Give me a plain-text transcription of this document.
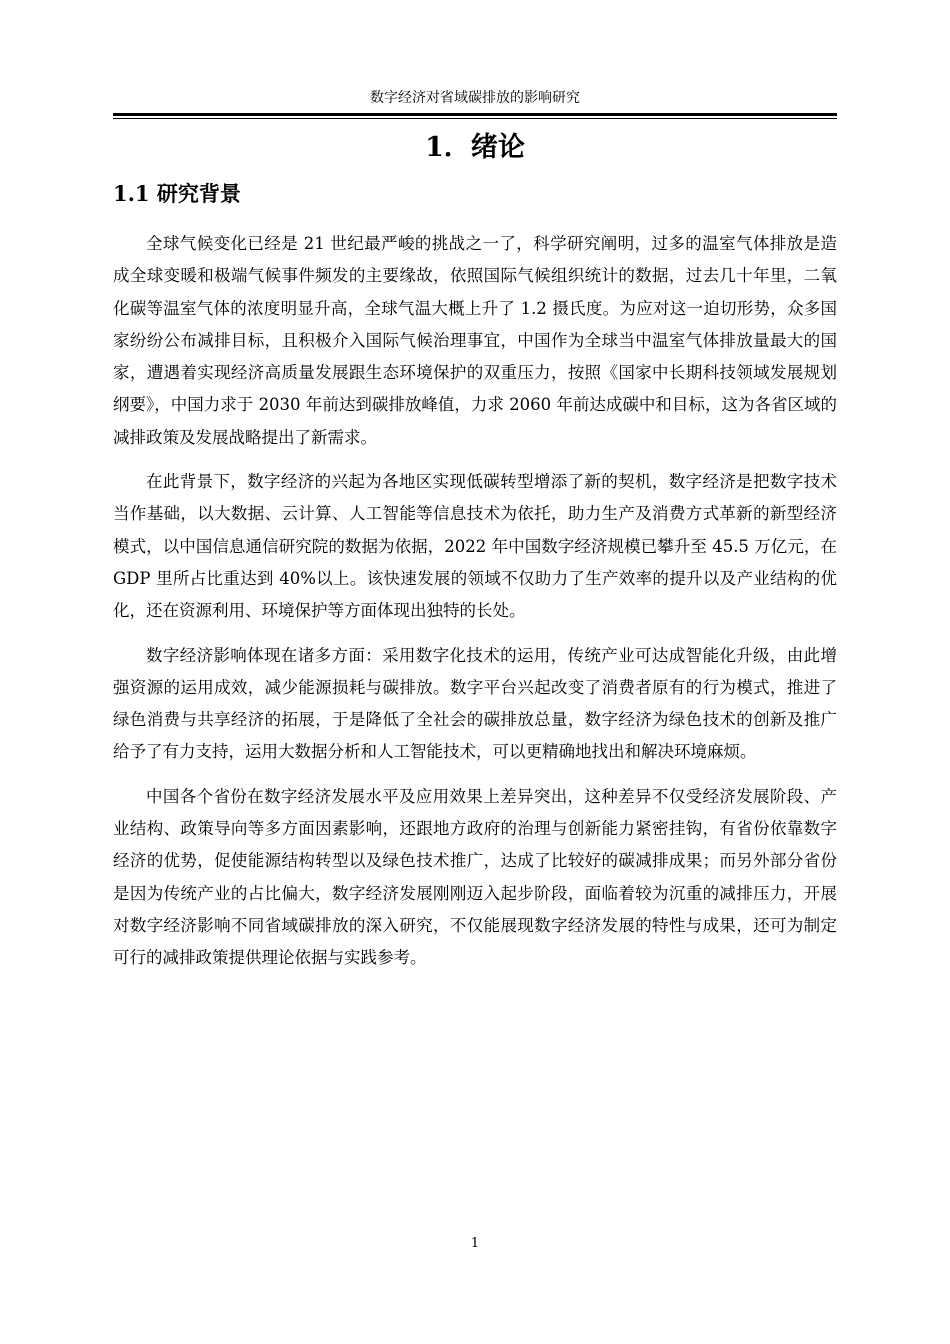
数字经济对省域碳排放的影响研究
1．绪论
1.1 研究背景

全球气候变化已经是 21 世纪最严峻的挑战之一了，科学研究阐明，过多的温室气体排放是造成全球变暖和极端气候事件频发的主要缘故，依照国际气候组织统计的数据，过去几十年里，二氧化碳等温室气体的浓度明显升高，全球气温大概上升了 1.2 摄氏度。为应对这一迫切形势，众多国家纷纷公布减排目标，且积极介入国际气候治理事宜，中国作为全球当中温室气体排放量最大的国家，遭遇着实现经济高质量发展跟生态环境保护的双重压力，按照《国家中长期科技领域发展规划纲要》，中国力求于 2030 年前达到碳排放峰值，力求 2060 年前达成碳中和目标，这为各省区域的减排政策及发展战略提出了新需求。

在此背景下，数字经济的兴起为各地区实现低碳转型增添了新的契机，数字经济是把数字技术当作基础，以大数据、云计算、人工智能等信息技术为依托，助力生产及消费方式革新的新型经济模式，以中国信息通信研究院的数据为依据，2022 年中国数字经济规模已攀升至 45.5 万亿元，在 GDP 里所占比重达到 40%以上。该快速发展的领域不仅助力了生产效率的提升以及产业结构的优化，还在资源利用、环境保护等方面体现出独特的长处。

数字经济影响体现在诸多方面：采用数字化技术的运用，传统产业可达成智能化升级，由此增强资源的运用成效，减少能源损耗与碳排放。数字平台兴起改变了消费者原有的行为模式，推进了绿色消费与共享经济的拓展，于是降低了全社会的碳排放总量，数字经济为绿色技术的创新及推广给予了有力支持，运用大数据分析和人工智能技术，可以更精确地找出和解决环境麻烦。

中国各个省份在数字经济发展水平及应用效果上差异突出，这种差异不仅受经济发展阶段、产业结构、政策导向等多方面因素影响，还跟地方政府的治理与创新能力紧密挂钩，有省份依靠数字经济的优势，促使能源结构转型以及绿色技术推广，达成了比较好的碳减排成果；而另外部分省份是因为传统产业的占比偏大，数字经济发展刚刚迈入起步阶段，面临着较为沉重的减排压力，开展对数字经济影响不同省域碳排放的深入研究，不仅能展现数字经济发展的特性与成果，还可为制定可行的减排政策提供理论依据与实践参考。

1
